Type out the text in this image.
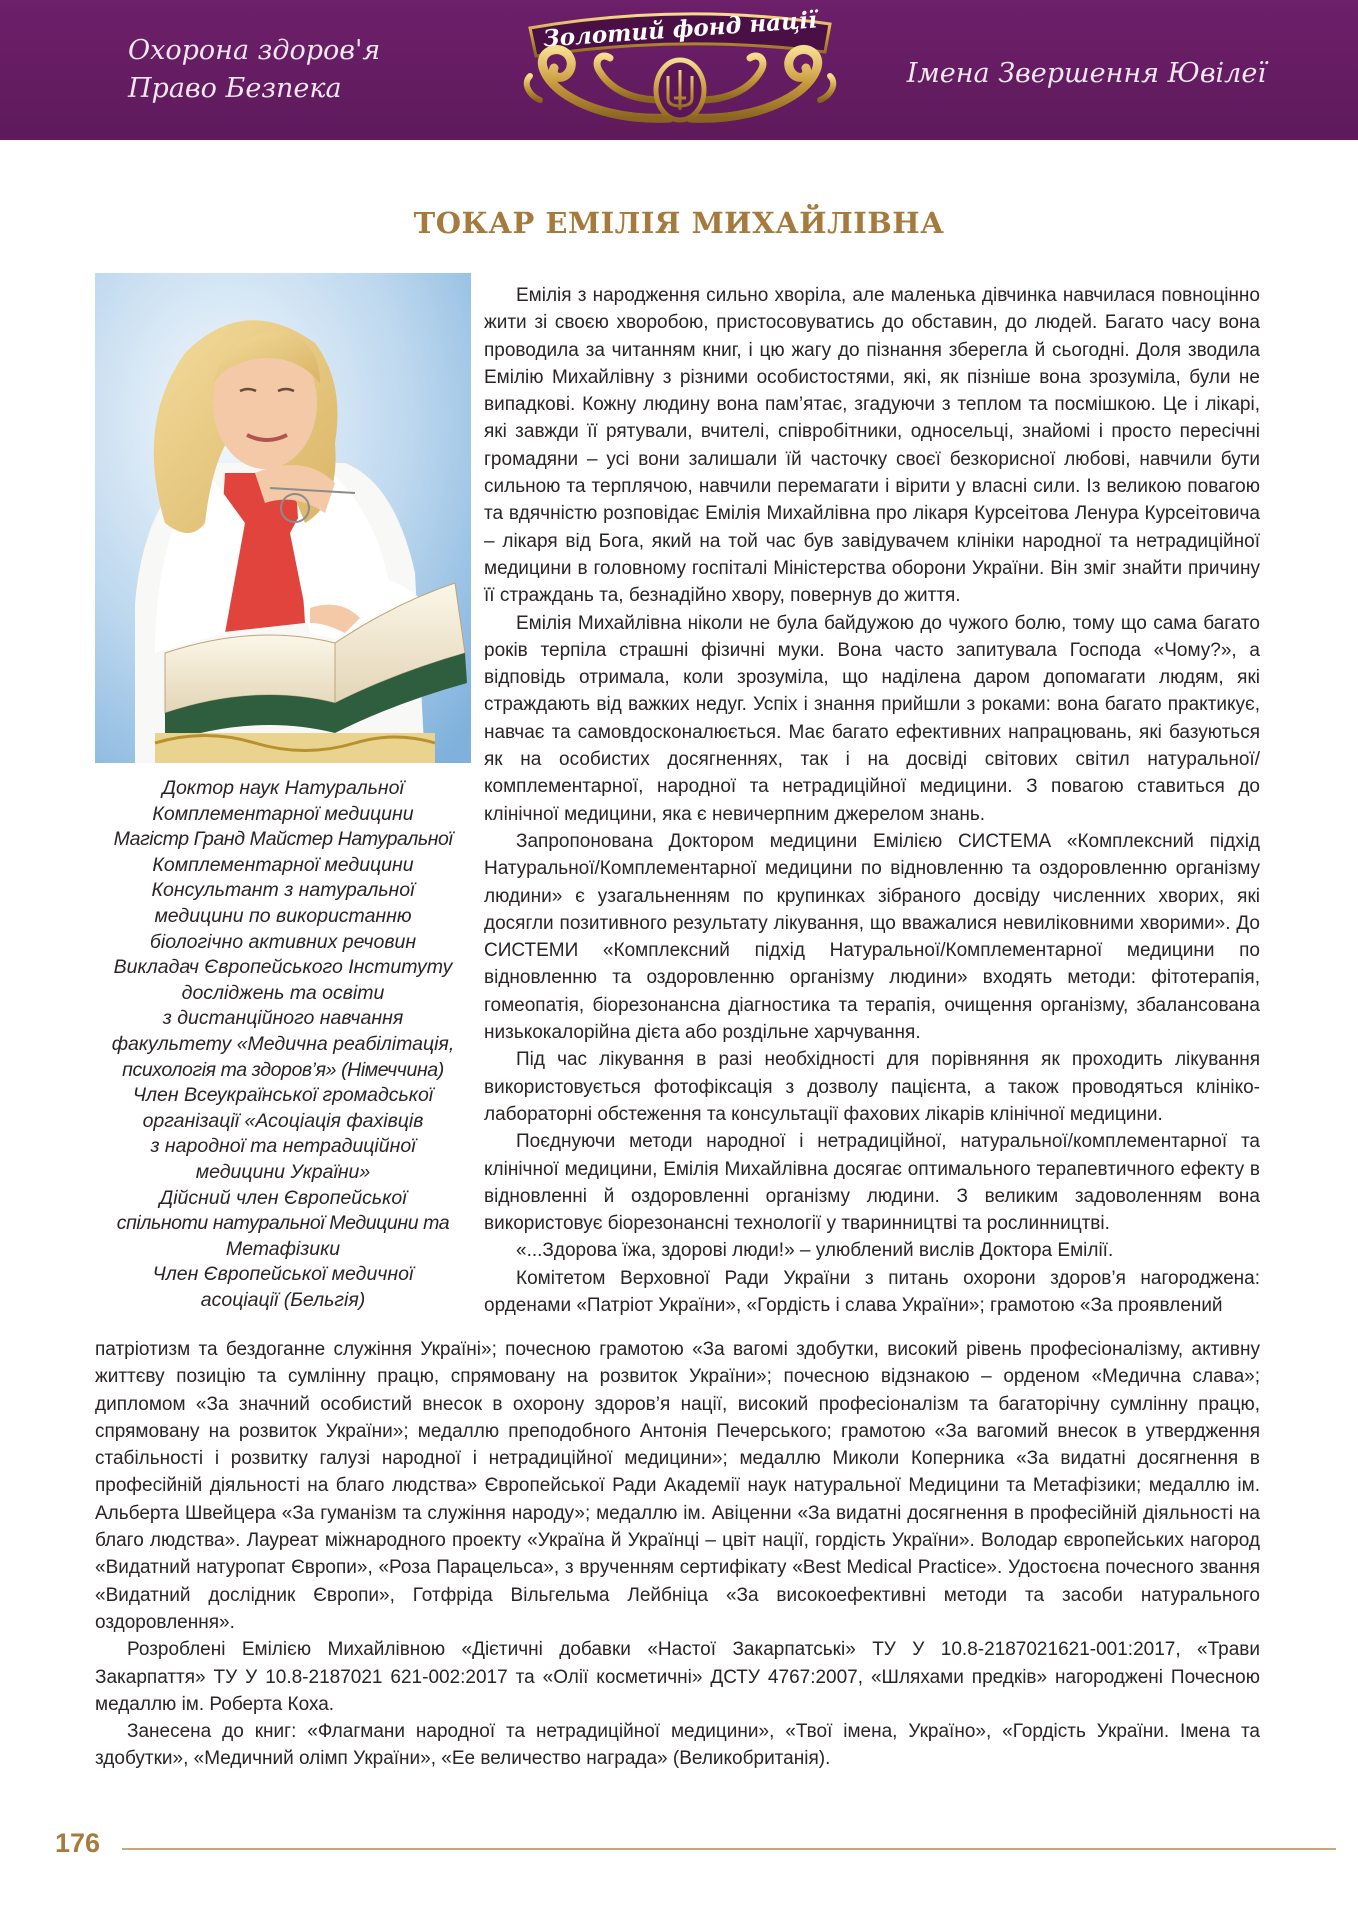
Охорона здоров'я
Право Безпека
Золотий фонд нації
Імена Звершення Ювілеї
ТОКАР ЕМІЛІЯ МИХАЙЛІВНА
Доктор наук Натуральної
Комплементарної медицини
Магістр Гранд Майстер Натуральної
Комплементарної медицини
Консультант з натуральної
медицини по використанню
біологічно активних речовин
Викладач Європейського Інституту
досліджень та освіти
з дистанційного навчання
факультету «Медична реабілітація,
психологія та здоров’я» (Німеччина)
Член Всеукраїнської громадської
організації «Асоціація фахівців
з народної та нетрадиційної
медицини України»
Дійсний член Європейської
спільноти натуральної Медицини та
Метафізики
Член Європейської медичної
асоціації (Бельгія)

Емілія з народження сильно хворіла, але маленька дівчинка навчилася повноцінно жити зі своєю хворобою, пристосовуватись до обставин, до людей. Багато часу вона проводила за читанням книг, і цю жагу до пізнання зберегла й сьогодні. Доля зводила Емілію Михайлівну з різними особистостями, які, як пізніше вона зрозуміла, були не випадкові. Кожну людину вона пам’ятає, згадуючи з теплом та посмішкою. Це і лікарі, які завжди її рятували, вчителі, співробітники, односельці, знайомі і просто пересічні громадяни – усі вони залишали їй часточку своєї безкорисної любові, навчили бути сильною та терплячою, навчили перемагати і вірити у власні сили. Із великою повагою та вдячністю розповідає Емілія Михайлівна про лікаря Курсеітова Ленура Курсеітовича – лікаря від Бога, який на той час був завідувачем клініки народної та нетрадиційної медицини в головному госпіталі Міністерства оборони України. Він зміг знайти причину її страждань та, безнадійно хвору, повернув до життя.

Емілія Михайлівна ніколи не була байдужою до чужого болю, тому що сама багато років терпіла страшні фізичні муки. Вона часто запитувала Господа «Чому?», а відповідь отримала, коли зрозуміла, що наділена даром допомагати людям, які страждають від важких недуг. Успіх і знання прийшли з роками: вона багато практикує, навчає та самовдосконалюється. Має багато ефективних напрацювань, які базуються як на особистих досягненнях, так і на досвіді світових світил натуральної/комплементарної, народної та нетрадиційної медицини. З повагою ставиться до клінічної медицини, яка є невичерпним джерелом знань.

Запропонована Доктором медицини Емілією СИСТЕМА «Комплексний підхід Натуральної/Комплементарної медицини по відновленню та оздоровленню організму людини» є узагальненням по крупинках зібраного досвіду численних хворих, які досягли позитивного результату лікування, що вважалися невиліковними хворими». До СИСТЕМИ «Комплексний підхід Натуральної/Комплементарної медицини по відновленню та оздоровленню організму людини» входять методи: фітотерапія, гомеопатія, біорезонансна діагностика та терапія, очищення організму, збалансована низькокалорійна дієта або роздільне харчування.

Під час лікування в разі необхідності для порівняння як проходить лікування використовується фотофіксація з дозволу пацієнта, а також проводяться клініко-лабораторні обстеження та консультації фахових лікарів клінічної медицини.

Поєднуючи методи народної і нетрадиційної, натуральної/комплементарної та клінічної медицини, Емілія Михайлівна досягає оптимального терапевтичного ефекту в відновленні й оздоровленні організму людини. З великим задоволенням вона використовує біорезонансні технології у тваринництві та рослинництві.

«...Здорова їжа, здорові люди!» – улюблений вислів Доктора Емілії.

Комітетом Верховної Ради України з питань охорони здоров’я нагороджена: орденами «Патріот України», «Гордість і слава України»; грамотою «За проявлений

патріотизм та бездоганне служіння Україні»; почесною грамотою «За вагомі здобутки, високий рівень професіоналізму, активну життєву позицію та сумлінну працю, спрямовану на розвиток України»; почесною відзнакою – орденом «Медична слава»; дипломом «За значний особистий внесок в охорону здоров’я нації, високий професіоналізм та багаторічну сумлінну працю, спрямовану на розвиток України»; медаллю преподобного Антонія Печерського; грамотою «За вагомий внесок в утвердження стабільності і розвитку галузі народної і нетрадиційної медицини»; медаллю Миколи Коперника «За видатні досягнення в професійній діяльності на благо людства» Європейської Ради Академії наук натуральної Медицини та Метафізики; медаллю ім. Альберта Швейцера «За гуманізм та служіння народу»; медаллю ім. Авіценни «За видатні досягнення в професійній діяльності на благо людства». Лауреат міжнародного проекту «Україна й Українці – цвіт нації, гордість України». Володар європейських нагород «Видатний натуропат Європи», «Роза Парацельса», з врученням сертифікату «Best Medical Practice». Удостоєна почесного звання «Видатний дослідник Європи», Готфріда Вільгельма Лейбніца «За високоефективні методи та засоби натурального оздоровлення».

Розроблені Емілією Михайлівною «Дієтичні добавки «Настої Закарпатські» ТУ У 10.8-2187021621-001:2017, «Трави Закарпаття» ТУ У 10.8-2187021 621-002:2017 та «Олії косметичні» ДСТУ 4767:2007, «Шляхами предків» нагороджені Почесною медаллю ім. Роберта Коха.

Занесена до книг: «Флагмани народної та нетрадиційної медицини», «Твої імена, Україно», «Гордість України. Імена та здобутки», «Медичний олімп України», «Ее величество награда» (Великобританія).

176
